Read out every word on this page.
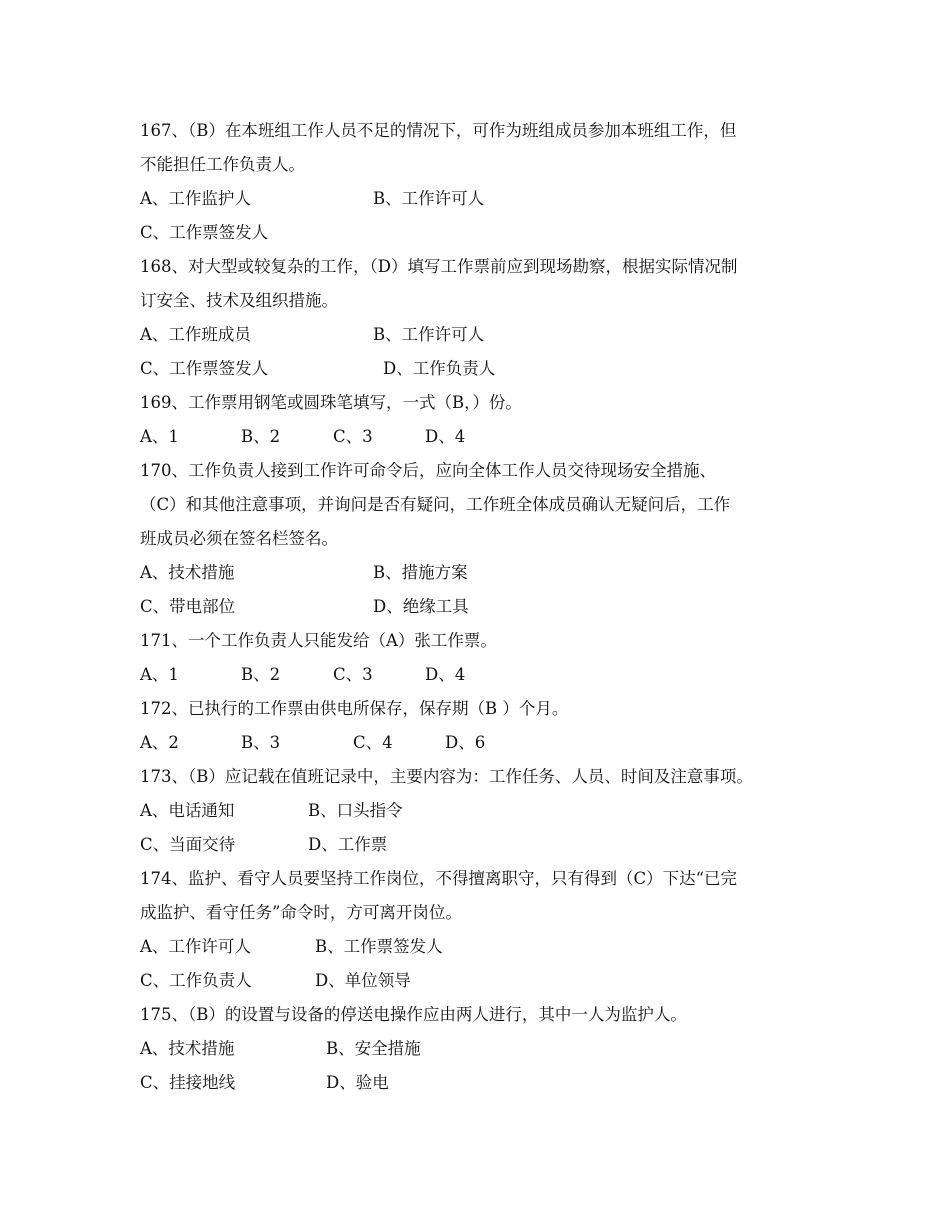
167、（B）在本班组工作人员不足的情况下，可作为班组成员参加本班组工作，但
不能担任工作负责人。
A、工作监护人	B、工作许可人
C、工作票签发人
168、对大型或较复杂的工作，（D）填写工作票前应到现场勘察，根据实际情况制
订安全、技术及组织措施。
A、工作班成员	B、工作许可人
C、工作票签发人	D、工作负责人
169、工作票用钢笔或圆珠笔填写，一式（B，）份。
A、1	B、2	C、3	D、4
170、工作负责人接到工作许可命令后，应向全体工作人员交待现场安全措施、
（C）和其他注意事项，并询问是否有疑问，工作班全体成员确认无疑问后，工作
班成员必须在签名栏签名。
A、技术措施	B、措施方案
C、带电部位	D、绝缘工具
171、一个工作负责人只能发给（A）张工作票。
A、1	B、2	C、3	D、4
172、已执行的工作票由供电所保存，保存期（B ）个月。
A、2	B、3	C、4	D、6
173、（B）应记载在值班记录中，主要内容为：工作任务、人员、时间及注意事项。
A、电话通知	B、口头指令
C、当面交待	D、工作票
174、监护、看守人员要坚持工作岗位，不得擅离职守，只有得到（C）下达“已完
成监护、看守任务”命令时，方可离开岗位。
A、工作许可人	B、工作票签发人
C、工作负责人	D、单位领导
175、（B）的设置与设备的停送电操作应由两人进行，其中一人为监护人。
A、技术措施	B、安全措施
C、挂接地线	D、验电
